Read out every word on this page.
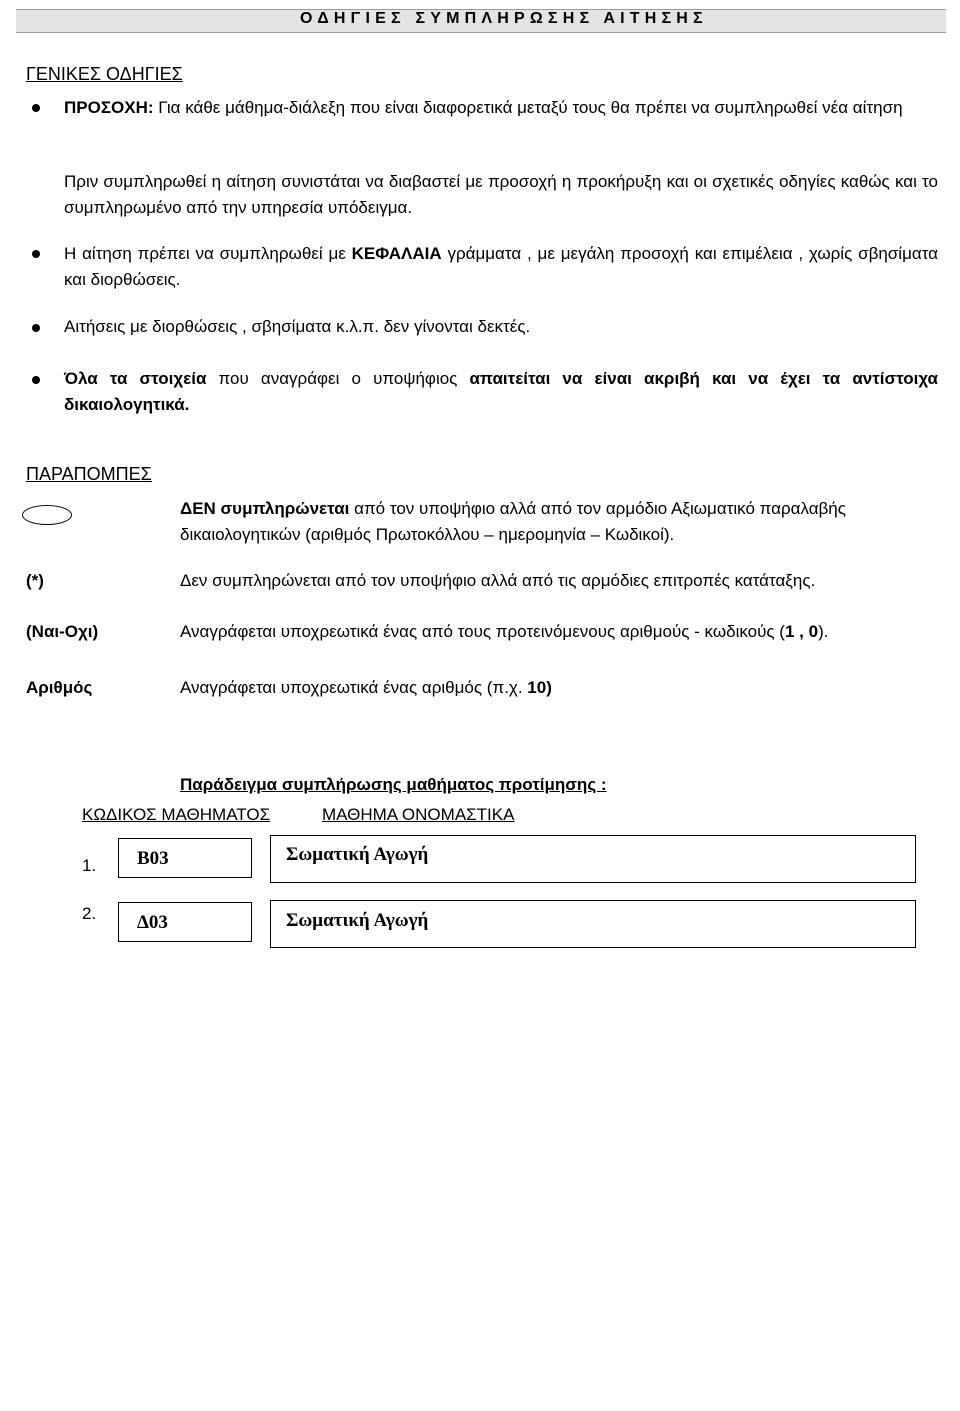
ΟΔΗΓΙΕΣ ΣΥΜΠΛΗΡΩΣΗΣ ΑΙΤΗΣΗΣ
ΓΕΝΙΚΕΣ ΟΔΗΓΙΕΣ
ΠΡΟΣΟΧΗ: Για κάθε μάθημα-διάλεξη που είναι διαφορετικά μεταξύ τους θα πρέπει να συμπληρωθεί νέα αίτηση
Πριν συμπληρωθεί η αίτηση συνιστάται να διαβαστεί με προσοχή η προκήρυξη και οι σχετικές οδηγίες καθώς και το συμπληρωμένο από την υπηρεσία υπόδειγμα.
Η αίτηση πρέπει να συμπληρωθεί με ΚΕΦΑΛΑΙΑ γράμματα , με μεγάλη προσοχή και επιμέλεια , χωρίς σβησίματα και διορθώσεις.
Αιτήσεις με διορθώσεις , σβησίματα κ.λ.π. δεν γίνονται δεκτές.
Όλα τα στοιχεία που αναγράφει ο υποψήφιος απαιτείται να είναι ακριβή και να έχει τα αντίστοιχα δικαιολογητικά.
ΠΑΡΑΠΟΜΠΕΣ
ΔΕΝ συμπληρώνεται από τον υποψήφιο αλλά από τον αρμόδιο Αξιωματικό παραλαβής δικαιολογητικών (αριθμός Πρωτοκόλλου – ημερομηνία – Κωδικοί).
(*)	Δεν συμπληρώνεται από τον υποψήφιο αλλά από τις αρμόδιες επιτροπές κατάταξης.
(Ναι-Οχι)	Αναγράφεται υποχρεωτικά ένας από τους προτεινόμενους αριθμούς - κωδικούς (1 , 0).
Αριθμός	Αναγράφεται υποχρεωτικά ένας αριθμός (π.χ. 10)
Παράδειγμα συμπλήρωσης μαθήματος προτίμησης :
ΚΩΔΙΚΟΣ ΜΑΘΗΜΑΤΟΣ	ΜΑΘΗΜΑ ΟΝΟΜΑΣΤΙΚΑ
1. Β03	Σωματική Αγωγή
2. Δ03	Σωματική Αγωγή
